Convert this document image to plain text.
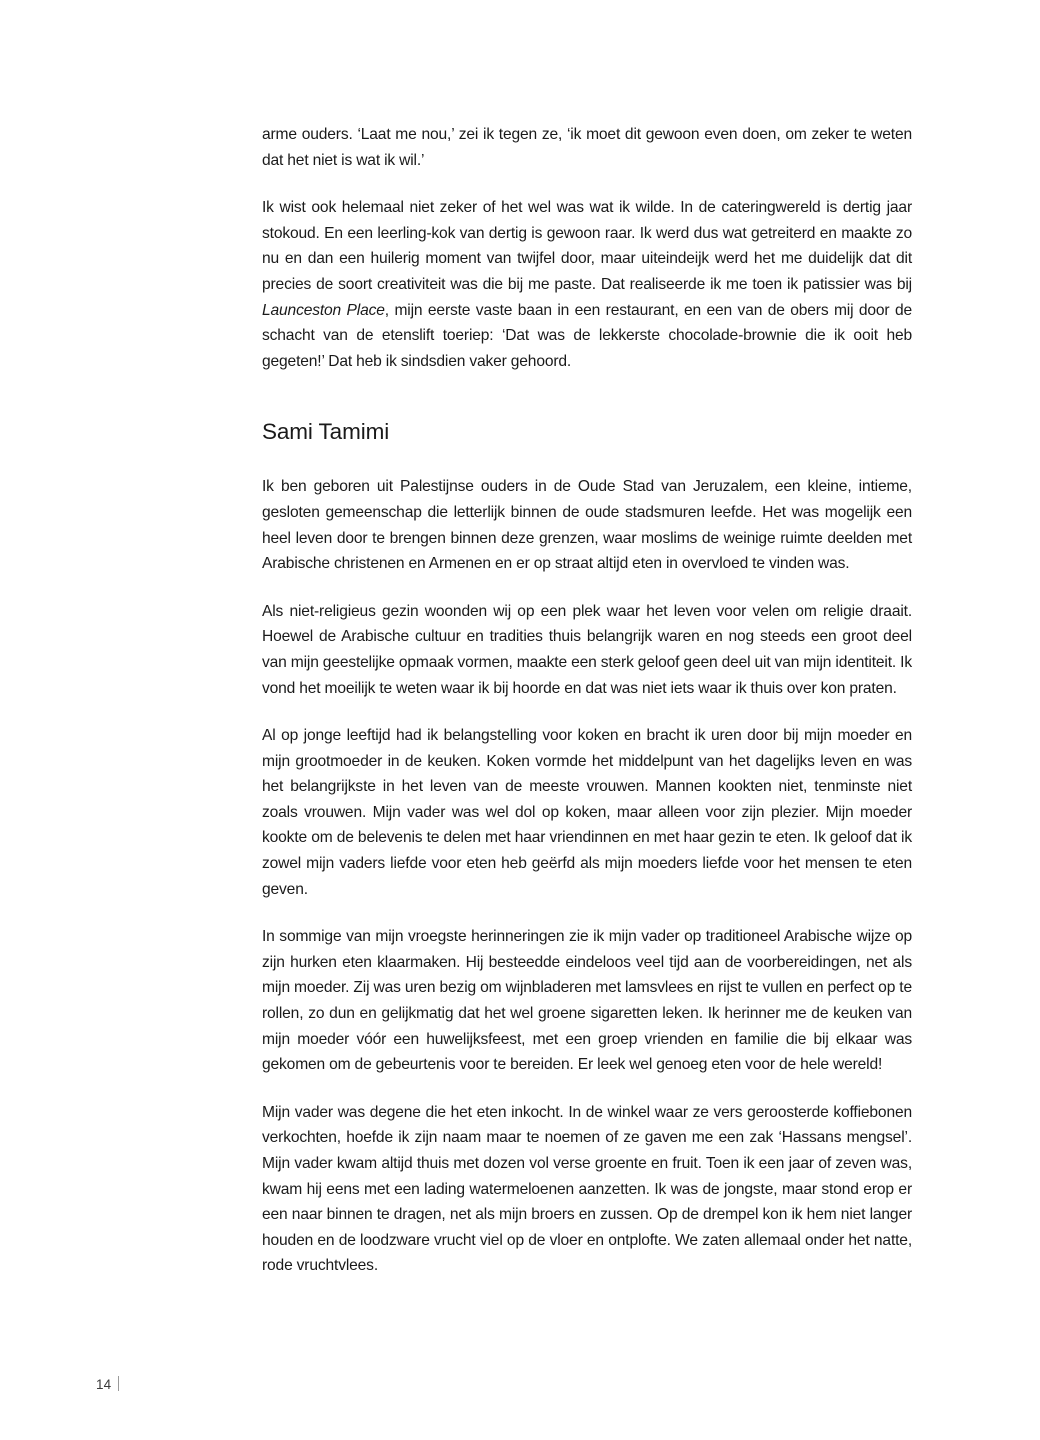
arme ouders. ‘Laat me nou,’ zei ik tegen ze, ‘ik moet dit gewoon even doen, om zeker te weten dat het niet is wat ik wil.’

Ik wist ook helemaal niet zeker of het wel was wat ik wilde. In de cateringwereld is dertig jaar stokoud. En een leerling-kok van dertig is gewoon raar. Ik werd dus wat getreiterd en maakte zo nu en dan een huilerig moment van twijfel door, maar uiteindeijk werd het me duidelijk dat dit precies de soort creativiteit was die bij me paste. Dat realiseerde ik me toen ik patissier was bij Launceston Place, mijn eerste vaste baan in een restaurant, en een van de obers mij door de schacht van de etenslift toeriep: ‘Dat was de lekkerste chocolade-brownie die ik ooit heb gegeten!’ Dat heb ik sindsdien vaker gehoord.

Sami Tamimi

Ik ben geboren uit Palestijnse ouders in de Oude Stad van Jeruzalem, een kleine, intieme, gesloten gemeenschap die letterlijk binnen de oude stadsmuren leefde. Het was mogelijk een heel leven door te brengen binnen deze grenzen, waar moslims de weinige ruimte deelden met Arabische christenen en Armenen en er op straat altijd eten in overvloed te vinden was.

Als niet-religieus gezin woonden wij op een plek waar het leven voor velen om religie draait. Hoewel de Arabische cultuur en tradities thuis belangrijk waren en nog steeds een groot deel van mijn geestelijke opmaak vormen, maakte een sterk geloof geen deel uit van mijn identiteit. Ik vond het moeilijk te weten waar ik bij hoorde en dat was niet iets waar ik thuis over kon praten.

Al op jonge leeftijd had ik belangstelling voor koken en bracht ik uren door bij mijn moeder en mijn grootmoeder in de keuken. Koken vormde het middelpunt van het dagelijks leven en was het belangrijkste in het leven van de meeste vrouwen. Mannen kookten niet, tenminste niet zoals vrouwen. Mijn vader was wel dol op koken, maar alleen voor zijn plezier. Mijn moeder kookte om de belevenis te delen met haar vriendinnen en met haar gezin te eten. Ik geloof dat ik zowel mijn vaders liefde voor eten heb geërfd als mijn moeders liefde voor het mensen te eten geven.

In sommige van mijn vroegste herinneringen zie ik mijn vader op traditioneel Arabische wijze op zijn hurken eten klaarmaken. Hij besteedde eindeloos veel tijd aan de voorbereidingen, net als mijn moeder. Zij was uren bezig om wijnbladeren met lamsvlees en rijst te vullen en perfect op te rollen, zo dun en gelijkmatig dat het wel groene sigaretten leken. Ik herinner me de keuken van mijn moeder vóór een huwelijksfeest, met een groep vrienden en familie die bij elkaar was gekomen om de gebeurtenis voor te bereiden. Er leek wel genoeg eten voor de hele wereld!

Mijn vader was degene die het eten inkocht. In de winkel waar ze vers geroosterde koffiebonen verkochten, hoefde ik zijn naam maar te noemen of ze gaven me een zak ‘Hassans mengsel’. Mijn vader kwam altijd thuis met dozen vol verse groente en fruit. Toen ik een jaar of zeven was, kwam hij eens met een lading watermeloenen aanzetten. Ik was de jongste, maar stond erop er een naar binnen te dragen, net als mijn broers en zussen. Op de drempel kon ik hem niet langer houden en de loodzware vrucht viel op de vloer en ontplofte. We zaten allemaal onder het natte, rode vruchtvlees.

14
